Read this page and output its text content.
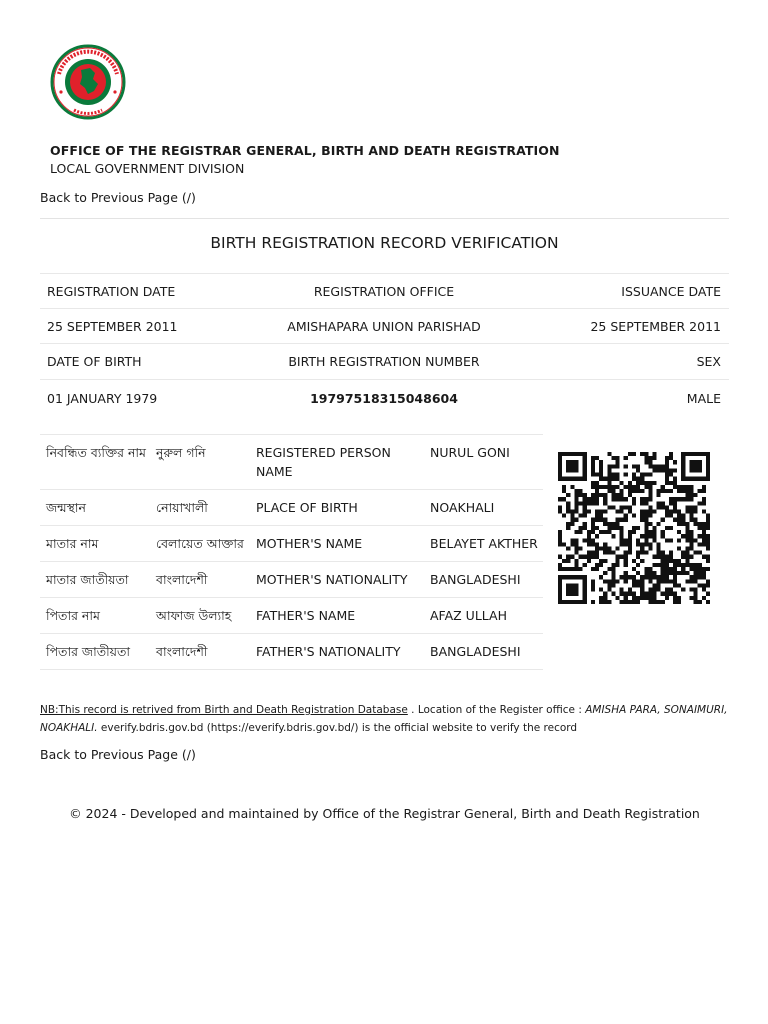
OFFICE OF THE REGISTRAR GENERAL, BIRTH AND DEATH REGISTRATION
LOCAL GOVERNMENT DIVISION
Back to Previous Page (/)
BIRTH REGISTRATION RECORD VERIFICATION
REGISTRATION DATE	REGISTRATION OFFICE	ISSUANCE DATE
25 SEPTEMBER 2011	AMISHAPARA UNION PARISHAD	25 SEPTEMBER 2011
DATE OF BIRTH	BIRTH REGISTRATION NUMBER	SEX
01 JANUARY 1979	19797518315048604	MALE
নিবন্ধিত ব্যক্তির নাম	নুরুল গনি	REGISTERED PERSON NAME	NURUL GONI
জন্মস্থান	নোয়াখালী	PLACE OF BIRTH	NOAKHALI
মাতার নাম	বেলায়েত আক্তার	MOTHER'S NAME	BELAYET AKTHER
মাতার জাতীয়তা	বাংলাদেশী	MOTHER'S NATIONALITY	BANGLADESHI
পিতার নাম	আফাজ উল্যাহ	FATHER'S NAME	AFAZ ULLAH
পিতার জাতীয়তা	বাংলাদেশী	FATHER'S NATIONALITY	BANGLADESHI
NB:This record is retrived from Birth and Death Registration Database . Location of the Register office : AMISHA PARA, SONAIMURI, NOAKHALI. everify.bdris.gov.bd (https://everify.bdris.gov.bd/) is the official website to verify the record
Back to Previous Page (/)
© 2024 - Developed and maintained by Office of the Registrar General, Birth and Death Registration
